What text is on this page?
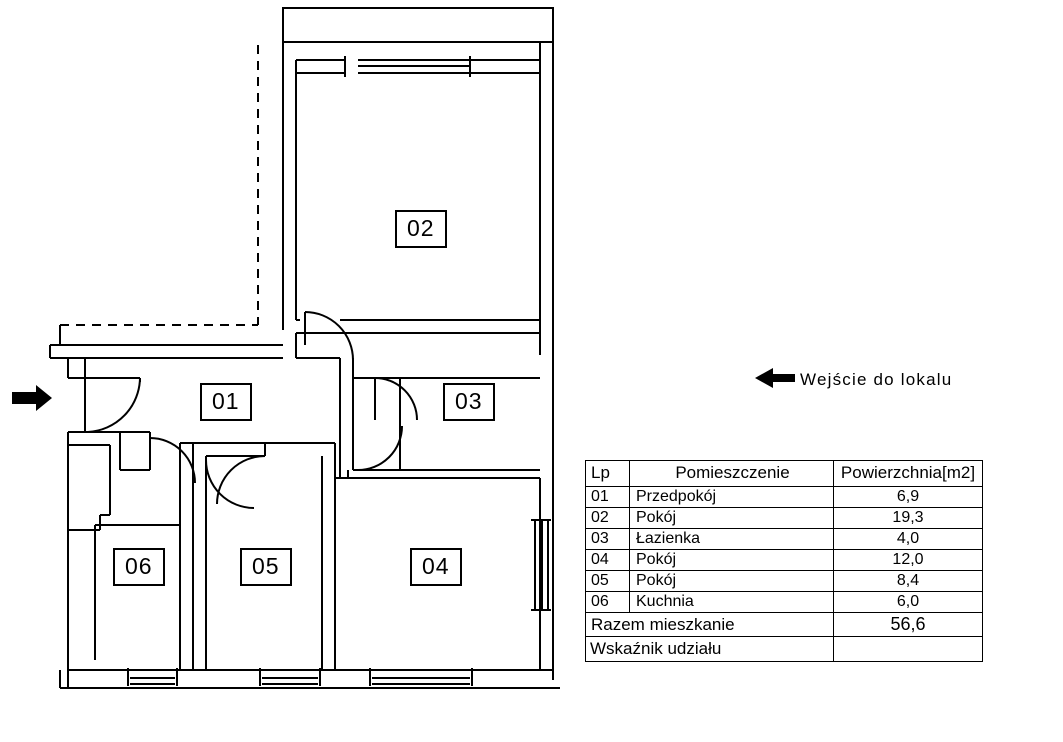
02
01	03
04
05
06
Wejście do lokalu
Lp	Pomieszczenie	Powierzchnia[m2]
01	Przedpokój	6,9
02	Pokój	19,3
03	Łazienka	4,0
04	Pokój	12,0
05	Pokój	8,4
06	Kuchnia	6,0
Razem mieszkanie		56,6
Wskaźnik udziału		
